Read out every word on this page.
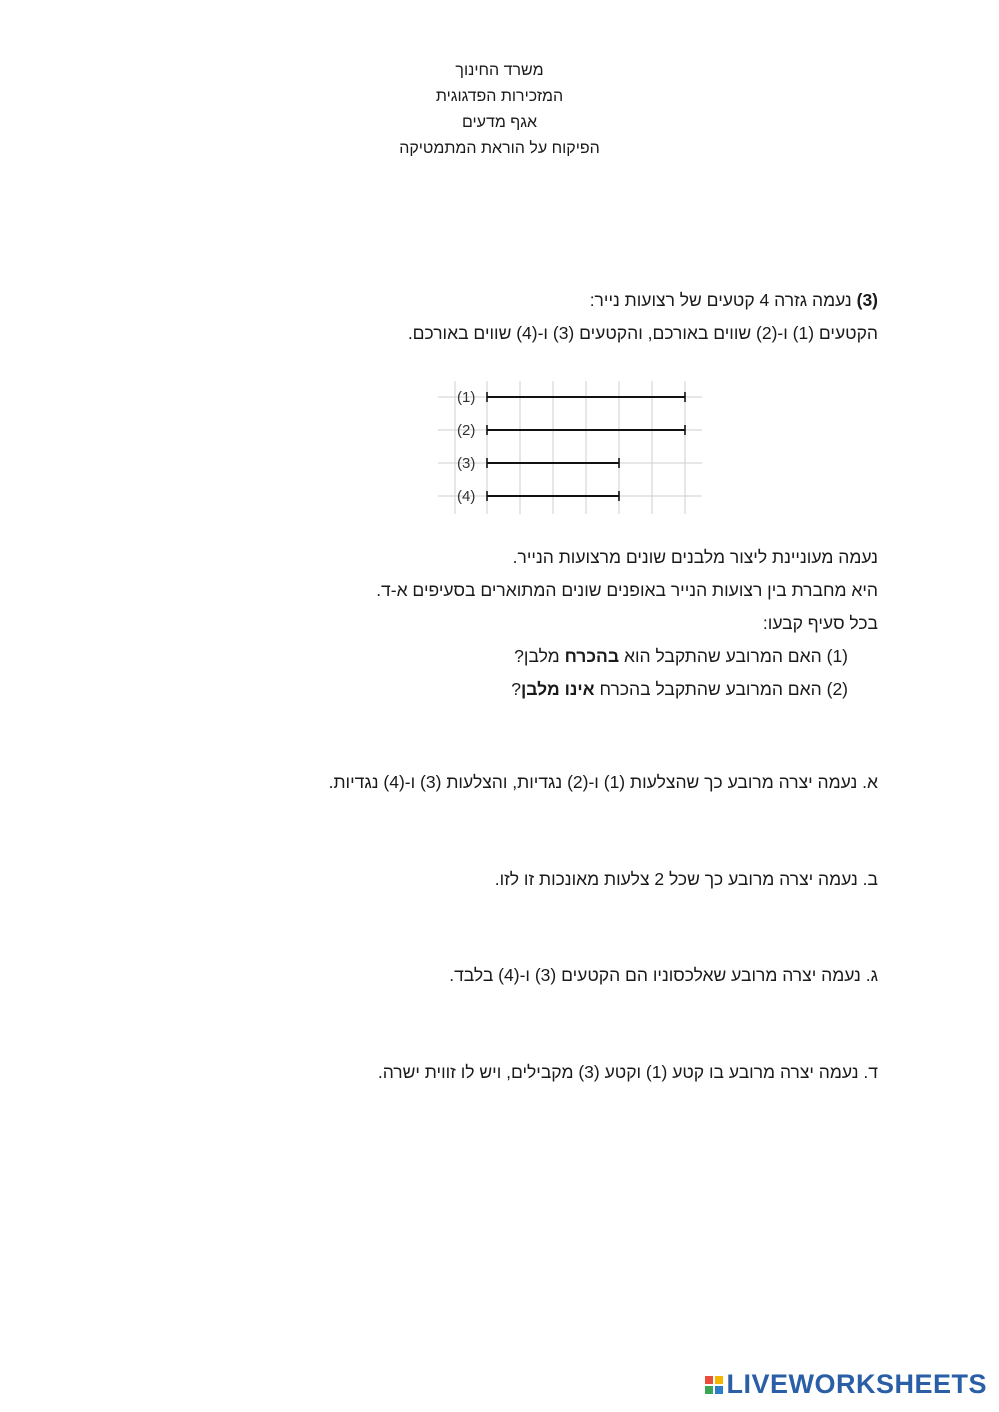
משרד החינוך
המזכירות הפדגוגית
אגף מדעים
הפיקוח על הוראת המתמטיקה
(3) נעמה גזרה 4 קטעים של רצועות נייר:
הקטעים (1) ו-(2) שווים באורכם, והקטעים (3) ו-(4) שווים באורכם.
(1)
(2)
(3)
(4)
נעמה מעוניינת ליצור מלבנים שונים מרצועות הנייר.
היא מחברת בין רצועות הנייר באופנים שונים המתוארים בסעיפים א-ד.
בכל סעיף קבעו:
(1) האם המרובע שהתקבל הוא בהכרח מלבן?
(2) האם המרובע שהתקבל בהכרח אינו מלבן?
א. נעמה יצרה מרובע כך שהצלעות (1) ו-(2) נגדיות, והצלעות (3) ו-(4) נגדיות.
ב. נעמה יצרה מרובע כך שכל 2 צלעות מאונכות זו לזו.
ג. נעמה יצרה מרובע שאלכסוניו הם הקטעים (3) ו-(4) בלבד.
ד. נעמה יצרה מרובע בו קטע (1) וקטע (3) מקבילים, ויש לו זווית ישרה.
LIVEWORKSHEETS
